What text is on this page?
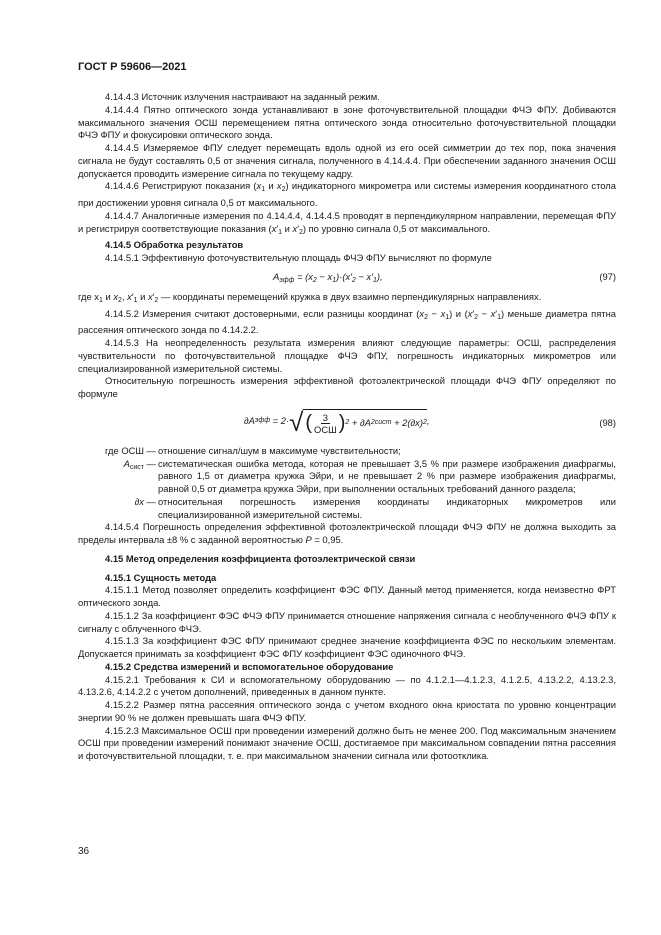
ГОСТ Р 59606—2021

4.14.4.3 Источник излучения настраивают на заданный режим.

4.14.4.4 Пятно оптического зонда устанавливают в зоне фоточувствительной площадки ФЧЭ ФПУ. Добиваются максимального значения ОСШ перемещением пятна оптического зонда относительно фоточувствительной площадки ФЧЭ ФПУ и фокусировки оптического зонда.

4.14.4.5 Измеряемое ФПУ следует перемещать вдоль одной из его осей симметрии до тех пор, пока значения сигнала не будут составлять 0,5 от значения сигнала, полученного в 4.14.4.4. При обеспечении заданного значения ОСШ допускается проводить измерение сигнала по текущему кадру.

4.14.4.6 Регистрируют показания ($x_1$ и $x_2$) индикаторного микрометра или системы измерения координатного стола при достижении уровня сигнала 0,5 от максимального.

4.14.4.7 Аналогичные измерения по 4.14.4.4, 4.14.4.5 проводят в перпендикулярном направлении, перемещая ФПУ и регистрируя соответствующие показания ($x'_1$ и $x'_2$) по уровню сигнала 0,5 от максимального.

4.14.5 Обработка результатов

4.14.5.1 Эффективную фоточувствительную площадь ФЧЭ ФПУ вычисляют по формуле

$A_{эфф} = (x_2 - x_1)\cdot(x'_2 - x'_1)$,	(97)

где $x_1$ и $x_2$, $x'_1$ и $x'_2$ — координаты перемещений кружка в двух взаимно перпендикулярных направлениях.

4.14.5.2 Измерения считают достоверными, если разницы координат $(x_2 - x_1)$ и $(x'_2 - x'_1)$ меньше диаметра пятна рассеяния оптического зонда по 4.14.2.2.

4.14.5.3 На неопределенность результата измерения влияют следующие параметры: ОСШ, распределения чувствительности по фоточувствительной площадке ФЧЭ ФПУ, погрешность индикаторных микрометров или специализированной измерительной системы.

Относительную погрешность измерения эффективной фотоэлектрической площади ФЧЭ ФПУ определяют по формуле

∂ A эфф = 2· √ ( $\frac{3}{\text{ОСШ}}$ ) 2 + ∂ A 2 сист + 2(∂ x ) 2 ,	(98)
где ОСШ — отношение сигнал/шум в максимуме чувствительности;
$A_{сист}$ — систематическая ошибка метода, которая не превышает 3,5 % при размере изображения диафрагмы, равного 1,5 от диаметра кружка Эйри, и не превышает 2 % при размере изображения диафрагмы, равной 0,5 от диаметра кружка Эйри, при выполнении остальных требований данного раздела;
∂x — относительная погрешность измерения координаты индикаторных микрометров или специализированной измерительной системы.

4.14.5.4 Погрешность определения эффективной фотоэлектрической площади ФЧЭ ФПУ не должна выходить за пределы интервала ±8 % с заданной вероятностью P = 0,95.

4.15 Метод определения коэффициента фотоэлектрической связи

4.15.1 Сущность метода

4.15.1.1 Метод позволяет определить коэффициент ФЭС ФПУ. Данный метод применяется, когда неизвестно ФРТ оптического зонда.

4.15.1.2 За коэффициент ФЭС ФЧЭ ФПУ принимается отношение напряжения сигнала с необлученного ФЧЭ ФПУ к сигналу с облученного ФЧЭ.

4.15.1.3 За коэффициент ФЭС ФПУ принимают среднее значение коэффициента ФЭС по нескольким элементам. Допускается принимать за коэффициент ФЭС ФПУ коэффициент ФЭС одиночного ФЧЭ.

4.15.2 Средства измерений и вспомогательное оборудование

4.15.2.1 Требования к СИ и вспомогательному оборудованию — по 4.1.2.1—4.1.2.3, 4.1.2.5, 4.13.2.2, 4.13.2.3, 4.13.2.6, 4.14.2.2 с учетом дополнений, приведенных в данном пункте.

4.15.2.2 Размер пятна рассеяния оптического зонда с учетом входного окна криостата по уровню концентрации энергии 90 % не должен превышать шага ФЧЭ ФПУ.

4.15.2.3 Максимальное ОСШ при проведении измерений должно быть не менее 200. Под максимальным значением ОСШ при проведении измерений понимают значение ОСШ, достигаемое при максимальном совпадении пятна рассеяния и фоточувствительной площадки, т. е. при максимальном значении сигнала или фотоотклика.

36
